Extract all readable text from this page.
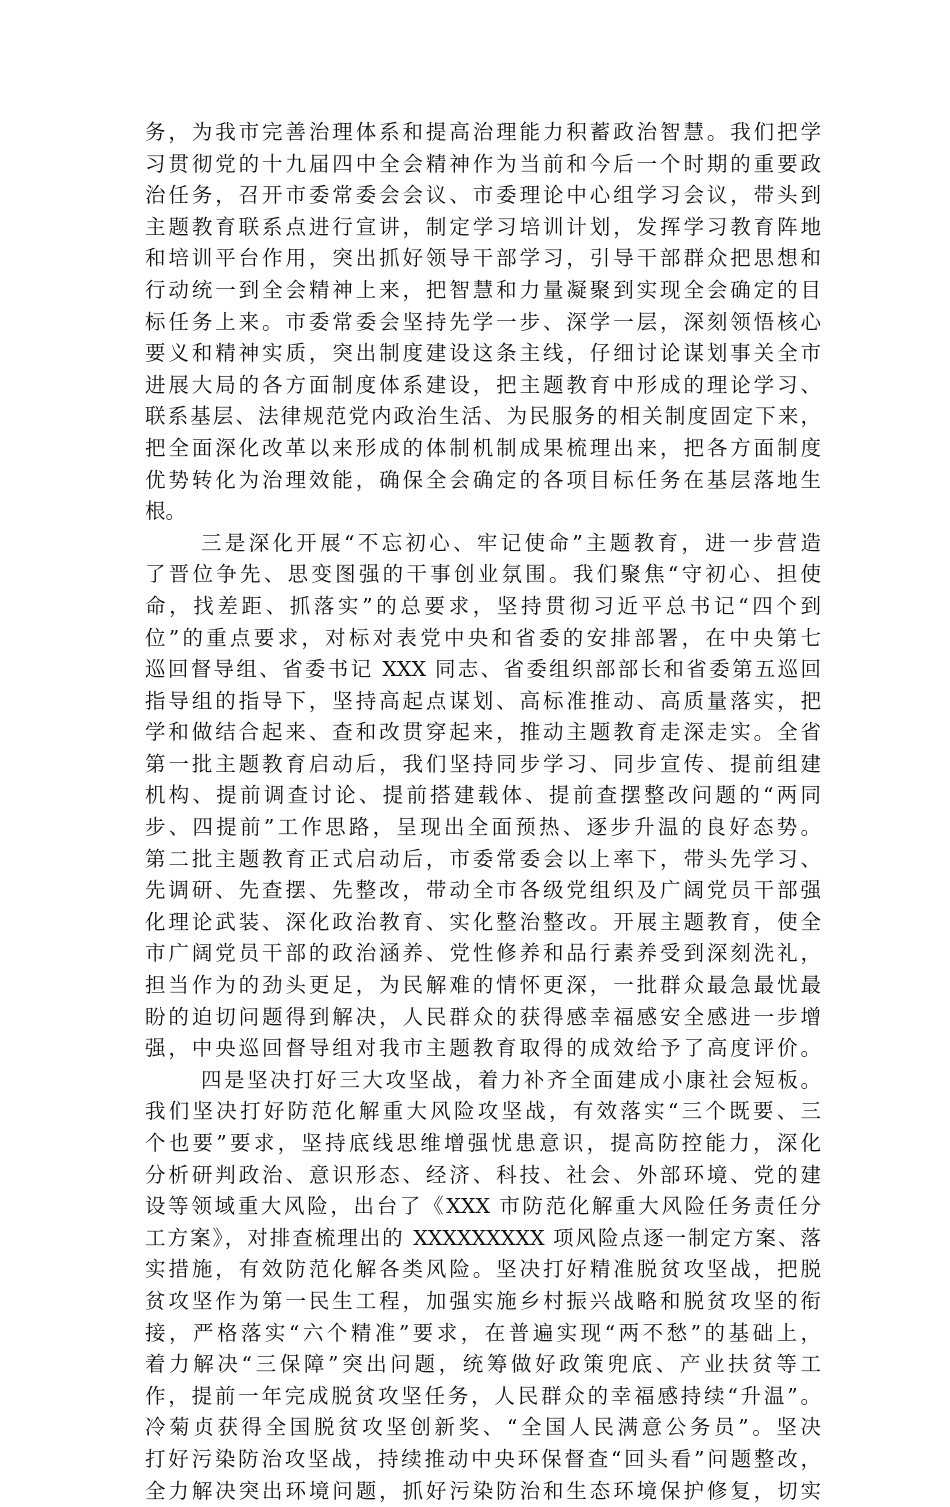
务，为我市完善治理体系和提高治理能力积蓄政治智慧。我们把学
习贯彻党的十九届四中全会精神作为当前和今后一个时期的重要政
治任务，召开市委常委会会议、市委理论中心组学习会议，带头到
主题教育联系点进行宣讲，制定学习培训计划，发挥学习教育阵地
和培训平台作用，突出抓好领导干部学习，引导干部群众把思想和
行动统一到全会精神上来，把智慧和力量凝聚到实现全会确定的目
标任务上来。市委常委会坚持先学一步、深学一层，深刻领悟核心
要义和精神实质，突出制度建设这条主线，仔细讨论谋划事关全市
进展大局的各方面制度体系建设，把主题教育中形成的理论学习、
联系基层、法律规范党内政治生活、为民服务的相关制度固定下来，
把全面深化改革以来形成的体制机制成果梳理出来，把各方面制度
优势转化为治理效能，确保全会确定的各项目标任务在基层落地生
根。
三是深化开展“不忘初心、牢记使命”主题教育，进一步营造
了晋位争先、思变图强的干事创业氛围。我们聚焦“守初心、担使
命，找差距、抓落实”的总要求，坚持贯彻习近平总书记“四个到
位”的重点要求，对标对表党中央和省委的安排部署，在中央第七
巡回督导组、省委书记 XXX 同志、省委组织部部长和省委第五巡回
指导组的指导下，坚持高起点谋划、高标准推动、高质量落实，把
学和做结合起来、查和改贯穿起来，推动主题教育走深走实。全省
第一批主题教育启动后，我们坚持同步学习、同步宣传、提前组建
机构、提前调查讨论、提前搭建载体、提前查摆整改问题的“两同
步、四提前”工作思路，呈现出全面预热、逐步升温的良好态势。
第二批主题教育正式启动后，市委常委会以上率下，带头先学习、
先调研、先查摆、先整改，带动全市各级党组织及广阔党员干部强
化理论武装、深化政治教育、实化整治整改。开展主题教育，使全
市广阔党员干部的政治涵养、党性修养和品行素养受到深刻洗礼，
担当作为的劲头更足，为民解难的情怀更深，一批群众最急最忧最
盼的迫切问题得到解决，人民群众的获得感幸福感安全感进一步增
强，中央巡回督导组对我市主题教育取得的成效给予了高度评价。
四是坚决打好三大攻坚战，着力补齐全面建成小康社会短板。
我们坚决打好防范化解重大风险攻坚战，有效落实“三个既要、三
个也要”要求，坚持底线思维增强忧患意识，提高防控能力，深化
分析研判政治、意识形态、经济、科技、社会、外部环境、党的建
设等领域重大风险，出台了《XXX 市防范化解重大风险任务责任分
工方案》，对排查梳理出的 XXXXXXXXX 项风险点逐一制定方案、落
实措施，有效防范化解各类风险。坚决打好精准脱贫攻坚战，把脱
贫攻坚作为第一民生工程，加强实施乡村振兴战略和脱贫攻坚的衔
接，严格落实“六个精准”要求，在普遍实现“两不愁”的基础上，
着力解决“三保障”突出问题，统筹做好政策兜底、产业扶贫等工
作，提前一年完成脱贫攻坚任务，人民群众的幸福感持续“升温”。
冷菊贞获得全国脱贫攻坚创新奖、“全国人民满意公务员”。坚决
打好污染防治攻坚战，持续推动中央环保督查“回头看”问题整改，
全力解决突出环境问题，抓好污染防治和生态环境保护修复，切实
